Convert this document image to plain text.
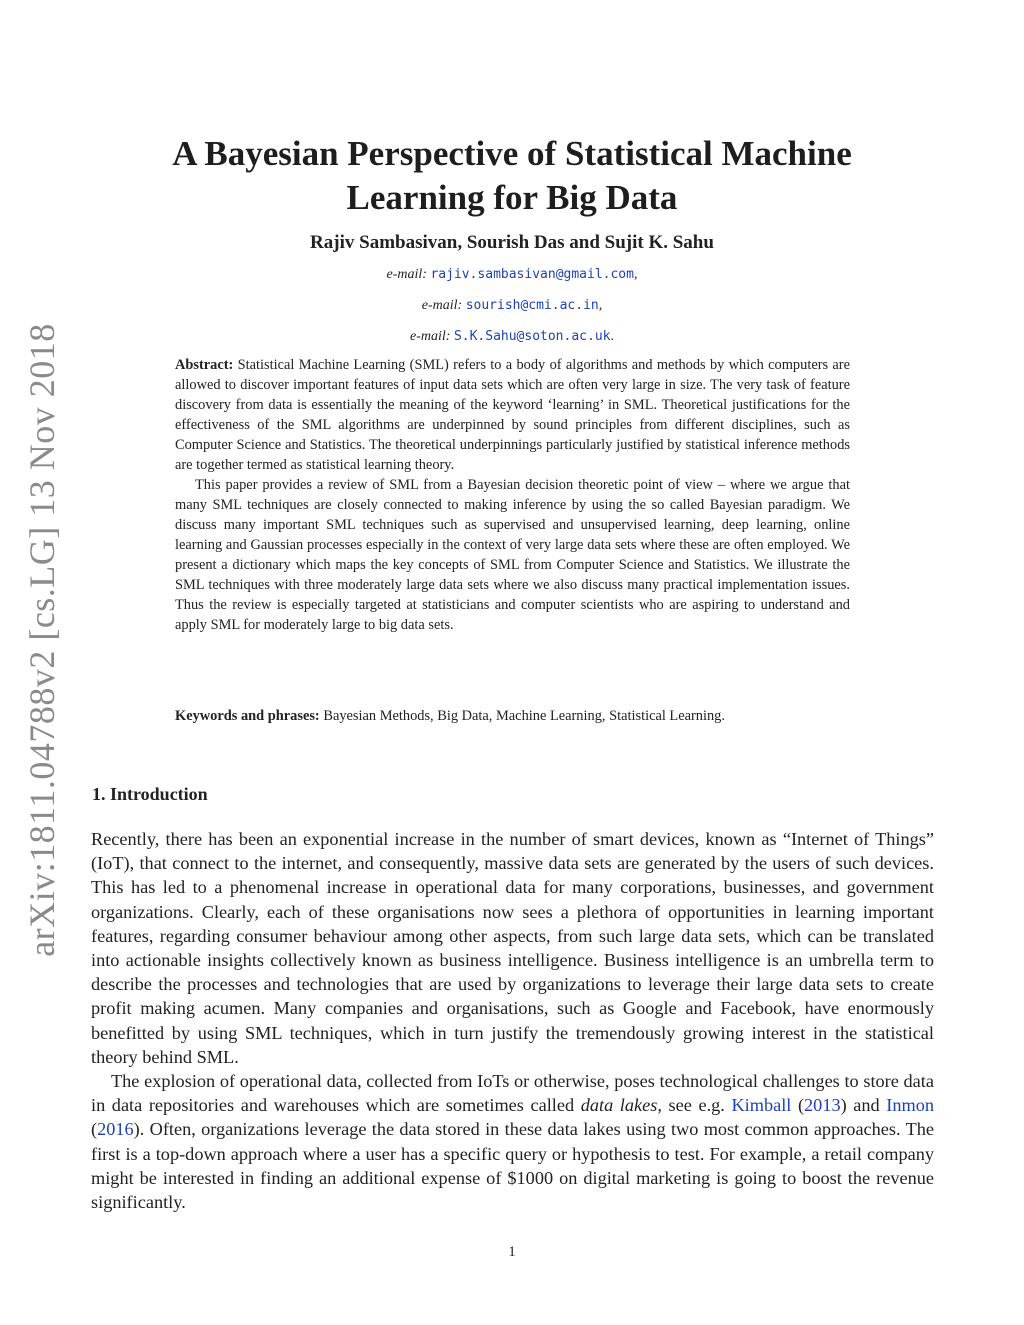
arXiv:1811.04788v2 [cs.LG] 13 Nov 2018
A Bayesian Perspective of Statistical Machine
Learning for Big Data
Rajiv Sambasivan, Sourish Das and Sujit K. Sahu
e-mail: rajiv.sambasivan@gmail.com,
e-mail: sourish@cmi.ac.in,
e-mail: S.K.Sahu@soton.ac.uk.

Abstract: Statistical Machine Learning (SML) refers to a body of algorithms and methods by which computers are allowed to discover important features of input data sets which are often very large in size. The very task of feature discovery from data is essentially the meaning of the keyword ‘learning’ in SML. Theoretical justifications for the effectiveness of the SML algorithms are underpinned by sound principles from different disciplines, such as Computer Science and Statistics. The theoretical underpinnings particularly justified by statistical inference methods are together termed as statistical learning theory.

This paper provides a review of SML from a Bayesian decision theoretic point of view – where we argue that many SML techniques are closely connected to making inference by using the so called Bayesian paradigm. We discuss many important SML techniques such as supervised and unsupervised learning, deep learning, online learning and Gaussian processes especially in the context of very large data sets where these are often employed. We present a dictionary which maps the key concepts of SML from Computer Science and Statistics. We illustrate the SML techniques with three moderately large data sets where we also discuss many practical implementation issues. Thus the review is especially targeted at statisticians and computer scientists who are aspiring to understand and apply SML for moderately large to big data sets.

Keywords and phrases: Bayesian Methods, Big Data, Machine Learning, Statistical Learning.
1. Introduction

Recently, there has been an exponential increase in the number of smart devices, known as “Internet of Things” (IoT), that connect to the internet, and consequently, massive data sets are generated by the users of such devices. This has led to a phenomenal increase in operational data for many corporations, businesses, and government organizations. Clearly, each of these organisations now sees a plethora of opportunities in learning important features, regarding consumer behaviour among other aspects, from such large data sets, which can be translated into actionable insights collectively known as business intelligence. Business intelligence is an umbrella term to describe the processes and technologies that are used by organizations to leverage their large data sets to create profit making acumen. Many companies and organisations, such as Google and Facebook, have enormously benefitted by using SML techniques, which in turn justify the tremendously growing interest in the statistical theory behind SML.

The explosion of operational data, collected from IoTs or otherwise, poses technological challenges to store data in data repositories and warehouses which are sometimes called data lakes, see e.g. Kimball (2013) and Inmon (2016). Often, organizations leverage the data stored in these data lakes using two most common approaches. The first is a top-down approach where a user has a specific query or hypothesis to test. For example, a retail company might be interested in finding an additional expense of $1000 on digital marketing is going to boost the revenue significantly.

1
